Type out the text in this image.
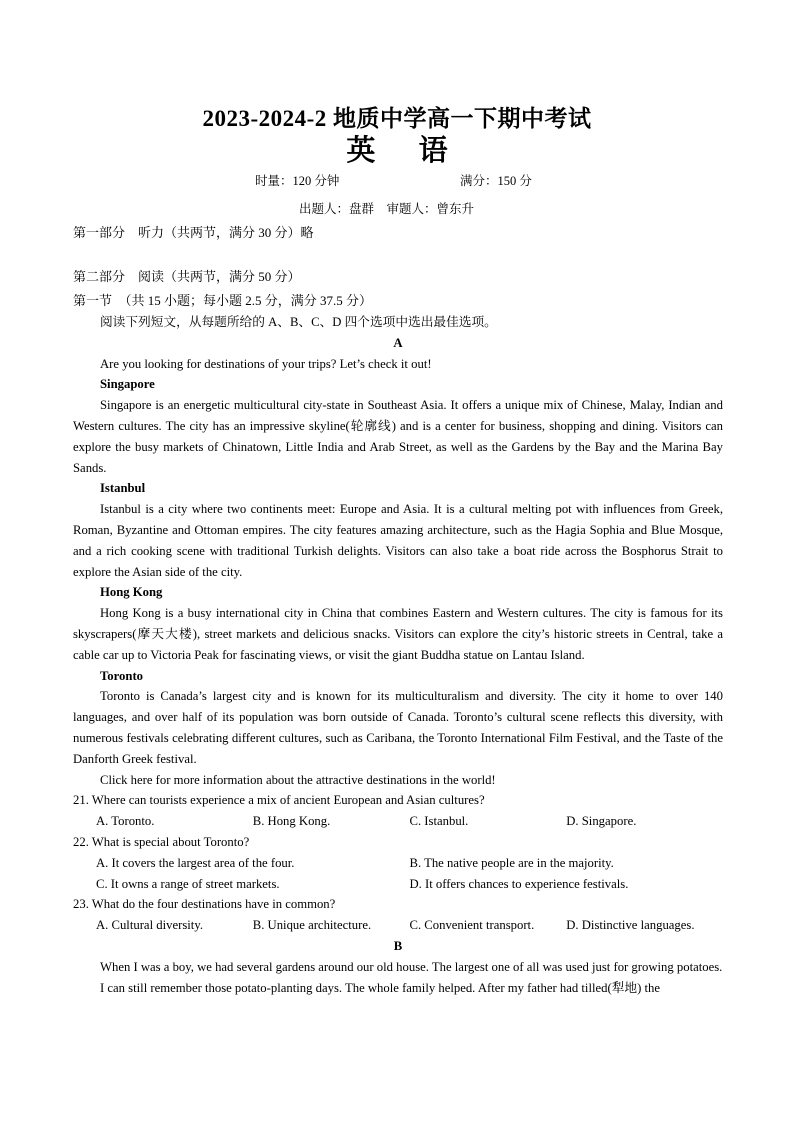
2023-2024-2 地质中学高一下期中考试
英 语
时量：120 分钟	满分：150 分
出题人：盘群　审题人：曾东升
第一部分　听力（共两节，满分 30 分）略
第二部分　阅读（共两节，满分 50 分）
第一节　（共 15 小题；每小题 2.5 分，满分 37.5 分）

阅读下列短文，从每题所给的 A、B、C、D 四个选项中选出最佳选项。

A

Are you looking for destinations of your trips? Let’s check it out!

Singapore

Singapore is an energetic multicultural city-state in Southeast Asia. It offers a unique mix of Chinese, Malay, Indian and Western cultures. The city has an impressive skyline(轮廓线) and is a center for business, shopping and dining. Visitors can explore the busy markets of Chinatown, Little India and Arab Street, as well as the Gardens by the Bay and the Marina Bay Sands.

Istanbul

Istanbul is a city where two continents meet: Europe and Asia. It is a cultural melting pot with influences from Greek, Roman, Byzantine and Ottoman empires. The city features amazing architecture, such as the Hagia Sophia and Blue Mosque, and a rich cooking scene with traditional Turkish delights. Visitors can also take a boat ride across the Bosphorus Strait to explore the Asian side of the city.

Hong Kong

Hong Kong is a busy international city in China that combines Eastern and Western cultures. The city is famous for its skyscrapers(摩天大楼), street markets and delicious snacks. Visitors can explore the city’s historic streets in Central, take a cable car up to Victoria Peak for fascinating views, or visit the giant Buddha statue on Lantau Island.

Toronto

Toronto is Canada’s largest city and is known for its multiculturalism and diversity. The city it home to over 140 languages, and over half of its population was born outside of Canada. Toronto’s cultural scene reflects this diversity, with numerous festivals celebrating different cultures, such as Caribana, the Toronto International Film Festival, and the Taste of the Danforth Greek festival.

Click here for more information about the attractive destinations in the world!

21. Where can tourists experience a mix of ancient European and Asian cultures?

A. Toronto.	B. Hong Kong.	C. Istanbul.	D. Singapore.

22. What is special about Toronto?

A. It covers the largest area of the four.	B. The native people are in the majority.
C. It owns a range of street markets.	D. It offers chances to experience festivals.

23. What do the four destinations have in common?

A. Cultural diversity.	B. Unique architecture.	C. Convenient transport.	D. Distinctive languages.

B

When I was a boy, we had several gardens around our old house. The largest one of all was used just for growing potatoes.

I can still remember those potato-planting days. The whole family helped. After my father had tilled(犁地) the
